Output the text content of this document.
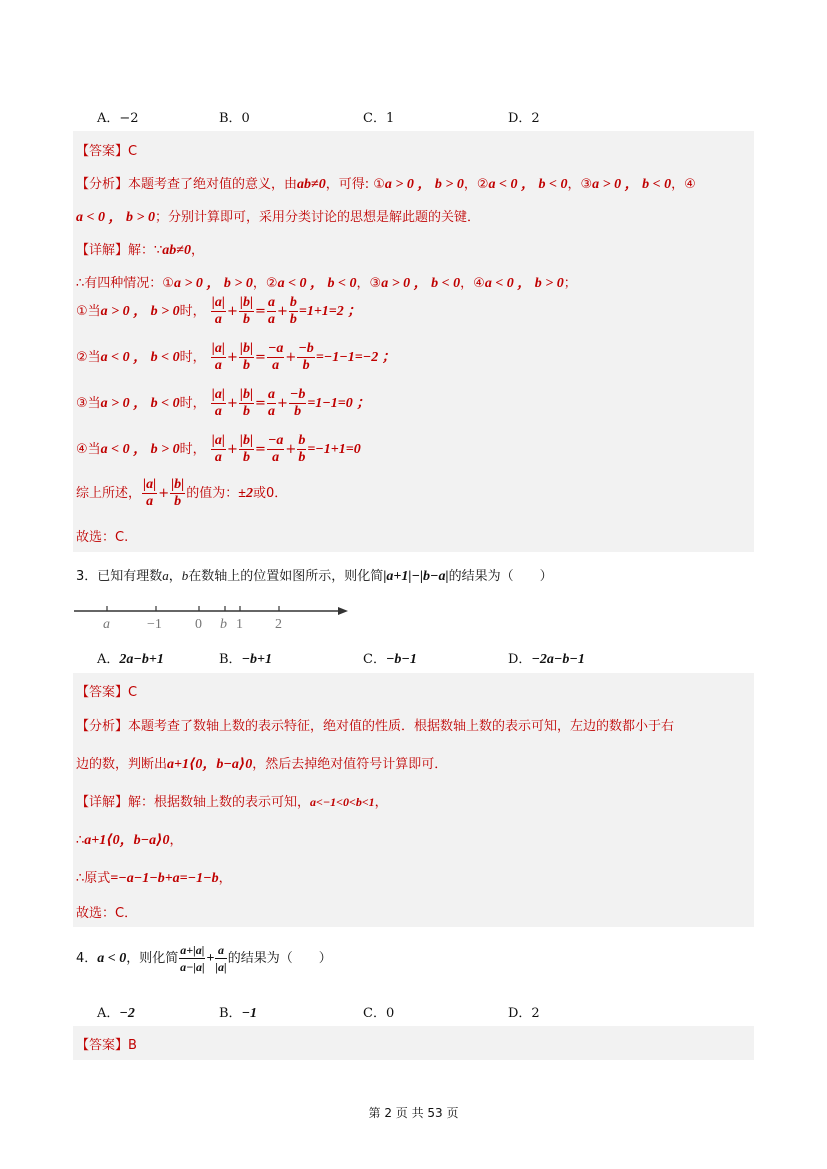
A．−2	B．0	C．1	D．2
【答案】C
【分析】本题考查了绝对值的意义，由ab≠0，可得: ①a > 0 ， b > 0，②a < 0 ， b < 0，③a > 0 ， b < 0，④
a < 0 ， b > 0；分别计算即可，采用分类讨论的思想是解此题的关键．
【详解】解：∵ab≠0，
∴有四种情况：①a > 0 ， b > 0，②a < 0 ， b < 0，③a > 0 ， b < 0，④a < 0 ， b > 0；
①当a > 0 ， b > 0时， $\frac{|a|}{a} + \frac{|b|}{b} = \frac{a}{a} + \frac{b}{b} =1+1=2$ ；
②当a < 0 ， b < 0时， $\frac{|a|}{a} + \frac{|b|}{b} = \frac{-a}{a} + \frac{-b}{b} =-1-1=-2$ ；
③当a > 0 ， b < 0时， $\frac{|a|}{a} + \frac{|b|}{b} = \frac{a}{a} + \frac{-b}{b} =1-1=0$ ；
④当a < 0 ， b > 0时， $\frac{|a|}{a} + \frac{|b|}{b} = \frac{-a}{a} + \frac{b}{b} =-1+1=0$
综上所述， $\frac{|a|}{a} + \frac{|b|}{b}$ 的值为：±2或0．
故选：C.
3．已知有理数a，b在数轴上的位置如图所示，则化简|a+1|−|b−a|的结果为（　　）
a	−1 0 b 1 2
A．2a−b+1	B．−b+1	C．−b−1	D．−2a−b−1
【答案】C
【分析】本题考查了数轴上数的表示特征，绝对值的性质．根据数轴上数的表示可知，左边的数都小于右
边的数，判断出a+1⟨0，b−a⟩0，然后去掉绝对值符号计算即可．
【详解】解：根据数轴上数的表示可知，a<−1<0<b<1，
∴a+1⟨0，b−a⟩0，
∴原式=−a−1−b+a=−1−b，
故选：C．
4．a < 0，则化简 $\frac{a+|a|}{a-|a|} + \frac{a}{|a|}$ 的结果为（　　）
A．−2	B．−1	C．0	D．2
【答案】B
第 2 页 共 53 页
